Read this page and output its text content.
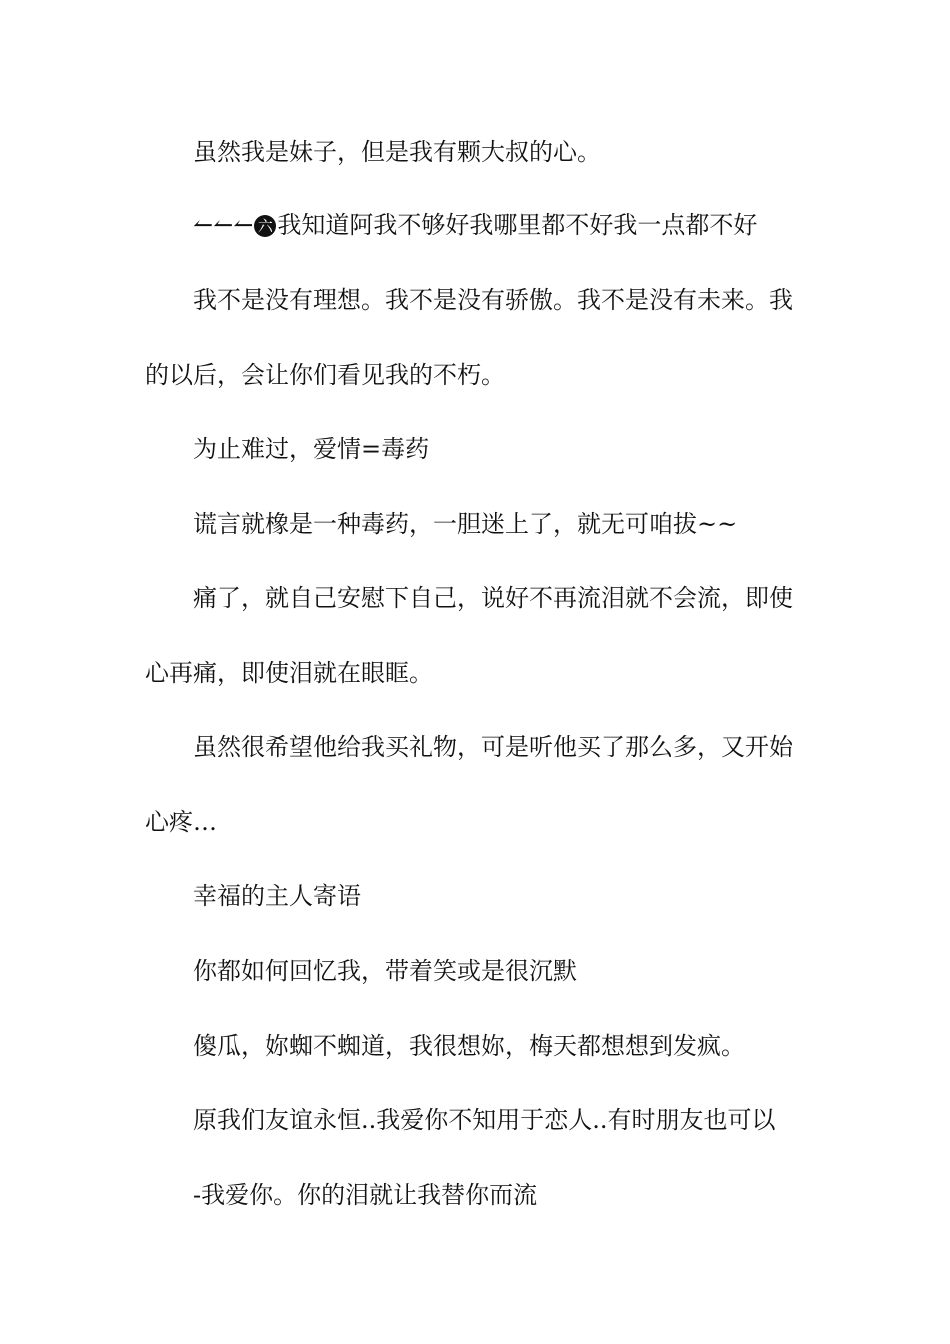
虽然我是妹子，但是我有颗大叔的心。
↼↼↼ 六 我知道阿我不够好我哪里都不好我一点都不好
我不是没有理想。我不是没有骄傲。我不是没有未来。我
的以后，会让你们看见我的不朽。
为止难过，爱情=毒药
谎言就橡是一种毒药，一胆迷上了，就无可咱拔~~
痛了，就自己安慰下自己，说好不再流泪就不会流，即使
心再痛，即使泪就在眼眶。
虽然很希望他给我买礼物，可是听他买了那么多，又开始
心疼…
幸福的主人寄语
你都如何回忆我，带着笑或是很沉默
傻瓜，妳蜘不蜘道，我很想妳，梅天都想想到发疯。
原我们友谊永恒..我爱你不知用于恋人..有时朋友也可以
-我爱你。你的泪就让我替你而流
